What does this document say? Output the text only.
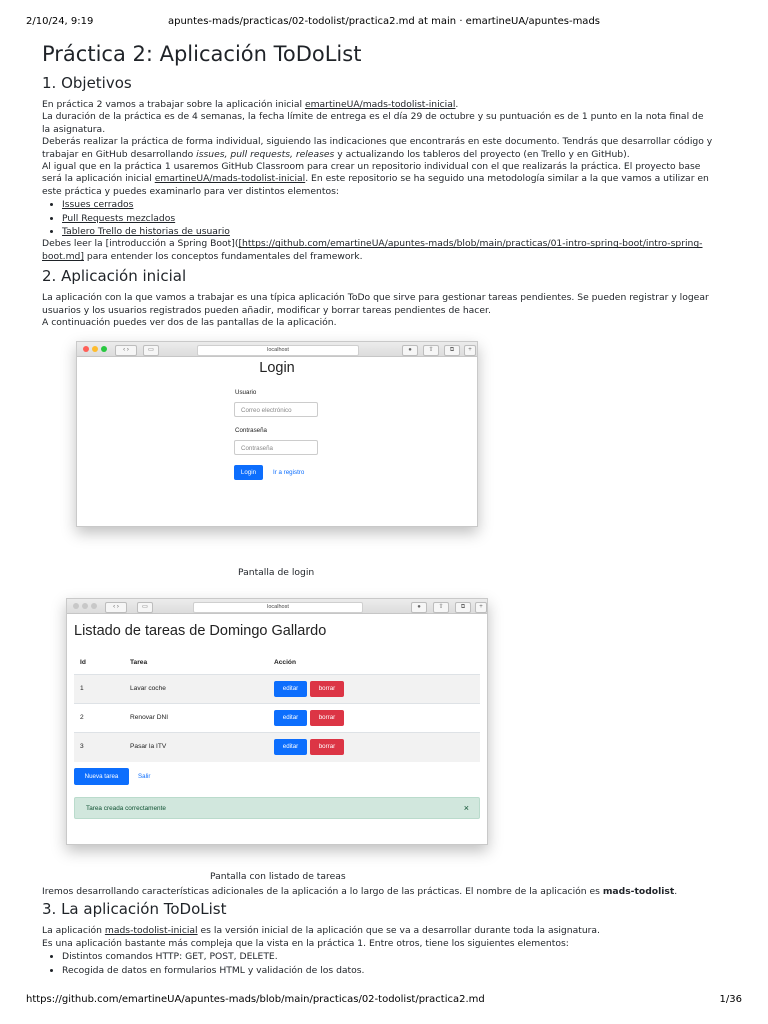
2/10/24, 9:19	apuntes-mads/practicas/02-todolist/practica2.md at main · emartineUA/apuntes-mads
Práctica 2: Aplicación ToDoList
1. Objetivos

En práctica 2 vamos a trabajar sobre la aplicación inicial emartineUA/mads-todolist-inicial.

La duración de la práctica es de 4 semanas, la fecha límite de entrega es el día 29 de octubre y su puntuación es de 1 punto en la nota final de la asignatura.

Deberás realizar la práctica de forma individual, siguiendo las indicaciones que encontrarás en este documento. Tendrás que desarrollar código y trabajar en GitHub desarrollando issues, pull requests, releases y actualizando los tableros del proyecto (en Trello y en GitHub).

Al igual que en la práctica 1 usaremos GitHub Classroom para crear un repositorio individual con el que realizarás la práctica. El proyecto base será la aplicación inicial emartineUA/mads-todolist-inicial. En este repositorio se ha seguido una metodología similar a la que vamos a utilizar en este práctica y puedes examinarlo para ver distintos elementos:

• Issues cerrados
• Pull Requests mezclados
• Tablero Trello de historias de usuario

Debes leer la [introducción a Spring Boot]([https://github.com/emartineUA/apuntes-mads/blob/main/practicas/01-intro-spring-boot/intro-spring-boot.md] para entender los conceptos fundamentales del framework.

2. Aplicación inicial

La aplicación con la que vamos a trabajar es una típica aplicación ToDo que sirve para gestionar tareas pendientes. Se pueden registrar y logear usuarios y los usuarios registrados pueden añadir, modificar y borrar tareas pendientes de hacer.

A continuación puedes ver dos de las pantallas de la aplicación.

‹ ›	▭	localhost	●	⇧	⧉	+
Login
Usuario
Correo electrónico
Contraseña
Contraseña
Login	Ir a registro
Pantalla de login
‹ ›	▭	localhost	●	⇧	⧉	+
Listado de tareas de Domingo Gallardo
Id	Tarea	Acción
1	Lavar coche	editar	borrar
2	Renovar DNI	editar	borrar
3	Pasar la ITV	editar	borrar
Nueva tarea	Salir
Tarea creada correctamente	×
Pantalla con listado de tareas

Iremos desarrollando características adicionales de la aplicación a lo largo de las prácticas. El nombre de la aplicación es mads-todolist.

3. La aplicación ToDoList

La aplicación mads-todolist-inicial es la versión inicial de la aplicación que se va a desarrollar durante toda la asignatura.

Es una aplicación bastante más compleja que la vista en la práctica 1. Entre otros, tiene los siguientes elementos:

• Distintos comandos HTTP: GET, POST, DELETE.
• Recogida de datos en formularios HTML y validación de los datos.
https://github.com/emartineUA/apuntes-mads/blob/main/practicas/02-todolist/practica2.md	1/36
